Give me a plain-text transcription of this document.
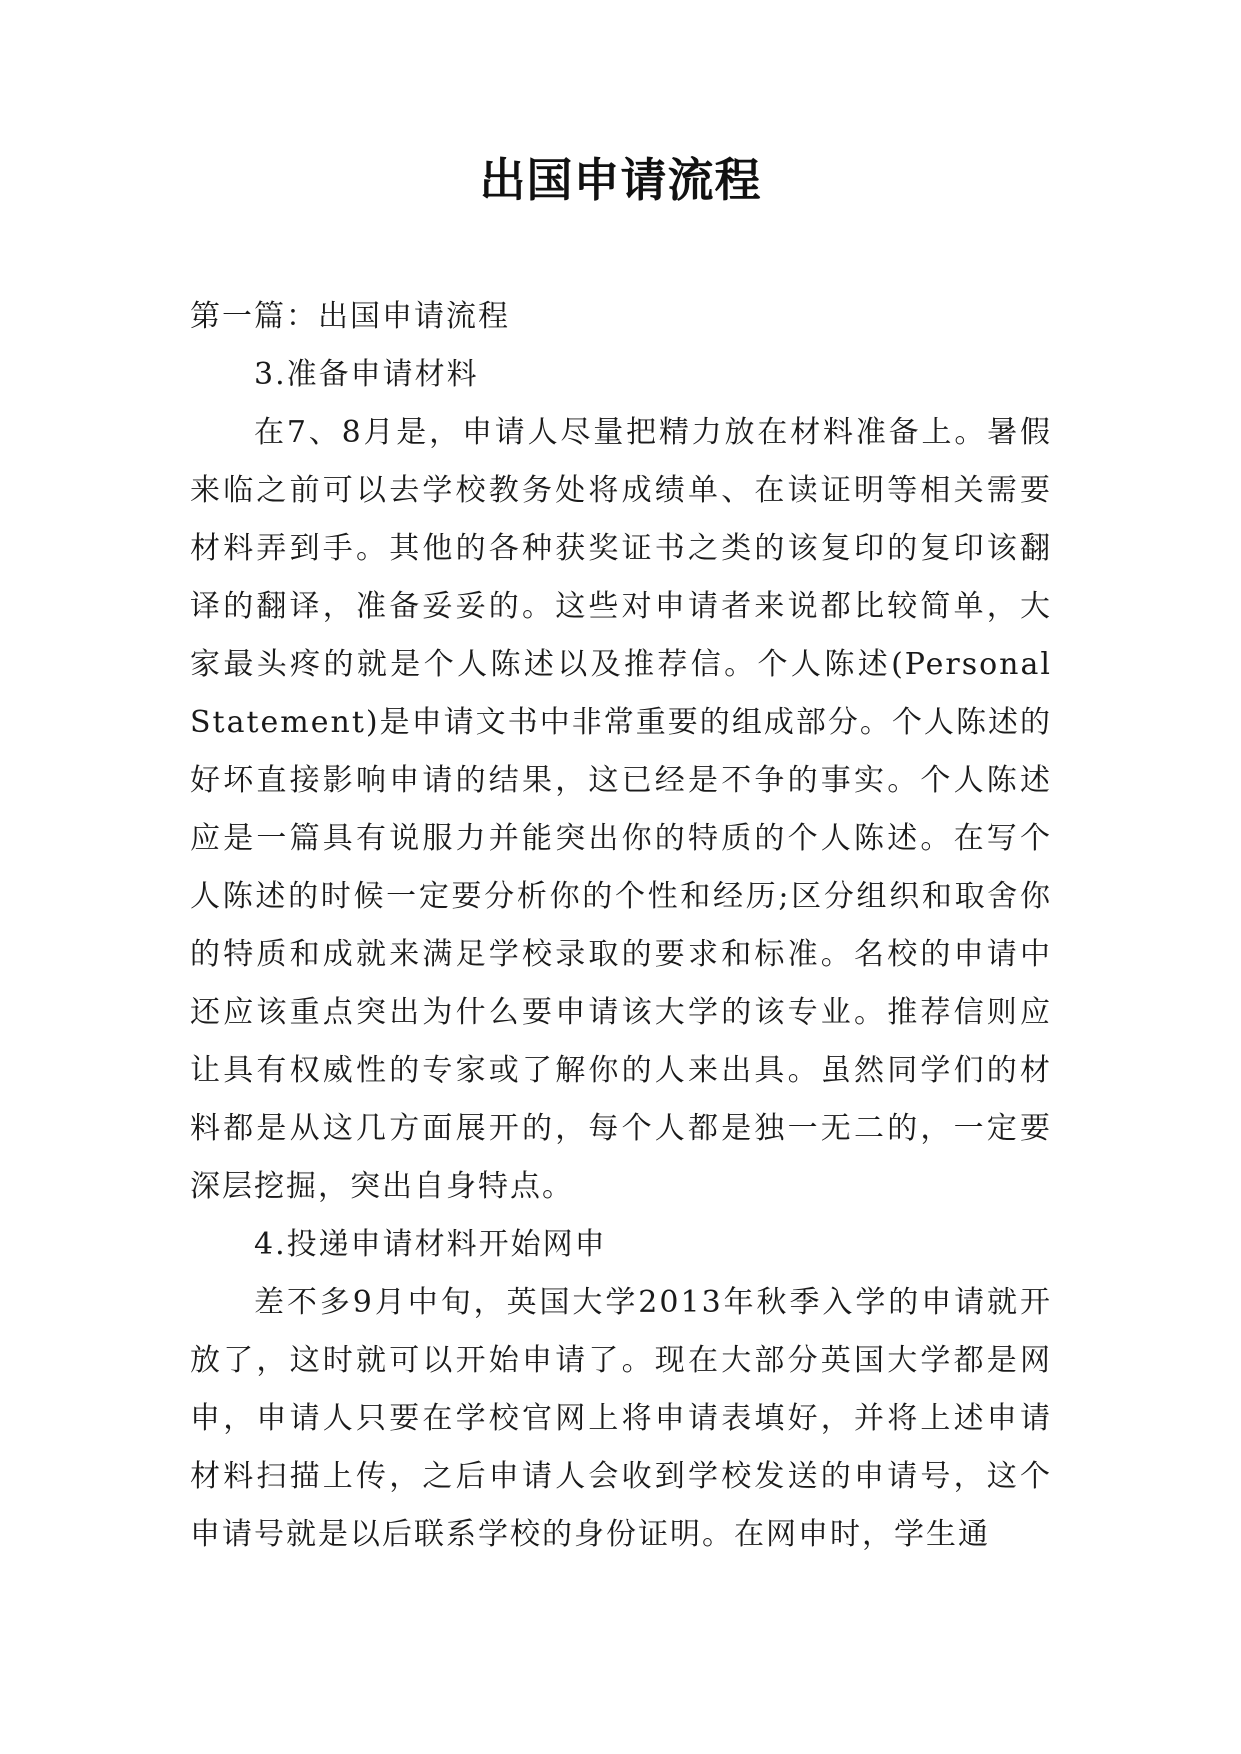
出国申请流程

第一篇：出国申请流程

3.准备申请材料

在7、8月是，申请人尽量把精力放在材料准备上。暑假来临之前可以去学校教务处将成绩单、在读证明等相关需要材料弄到手。其他的各种获奖证书之类的该复印的复印该翻译的翻译，准备妥妥的。这些对申请者来说都比较简单，大家最头疼的就是个人陈述以及推荐信。个人陈述(Personal Statement)是申请文书中非常重要的组成部分。个人陈述的好坏直接影响申请的结果，这已经是不争的事实。个人陈述应是一篇具有说服力并能突出你的特质的个人陈述。在写个人陈述的时候一定要分析你的个性和经历;区分组织和取舍你的特质和成就来满足学校录取的要求和标准。名校的申请中还应该重点突出为什么要申请该大学的该专业。推荐信则应让具有权威性的专家或了解你的人来出具。虽然同学们的材料都是从这几方面展开的，每个人都是独一无二的，一定要深层挖掘，突出自身特点。

4.投递申请材料开始网申

差不多9月中旬，英国大学2013年秋季入学的申请就开放了，这时就可以开始申请了。现在大部分英国大学都是网申，申请人只要在学校官网上将申请表填好，并将上述申请材料扫描上传，之后申请人会收到学校发送的申请号，这个申请号就是以后联系学校的身份证明。在网申时，学生通
